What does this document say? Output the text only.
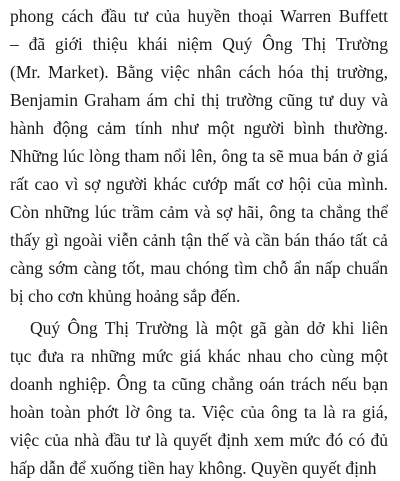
phong cách đầu tư của huyền thoại Warren Buffett
– đã giới thiệu khái niệm Quý Ông Thị Trường
(Mr. Market). Bằng việc nhân cách hóa thị trường,
Benjamin Graham ám chỉ thị trường cũng tư duy và
hành động cảm tính như một người bình thường.
Những lúc lòng tham nổi lên, ông ta sẽ mua bán ở giá
rất cao vì sợ người khác cướp mất cơ hội của mình.
Còn những lúc trầm cảm và sợ hãi, ông ta chẳng thể
thấy gì ngoài viễn cảnh tận thế và cần bán tháo tất cả
càng sớm càng tốt, mau chóng tìm chỗ ẩn nấp chuẩn
bị cho cơn khủng hoảng sắp đến.
Quý Ông Thị Trường là một gã gàn dở khi liên
tục đưa ra những mức giá khác nhau cho cùng một
doanh nghiệp. Ông ta cũng chẳng oán trách nếu bạn
hoàn toàn phớt lờ ông ta. Việc của ông ta là ra giá,
việc của nhà đầu tư là quyết định xem mức đó có đủ
hấp dẫn để xuống tiền hay không. Quyền quyết định
